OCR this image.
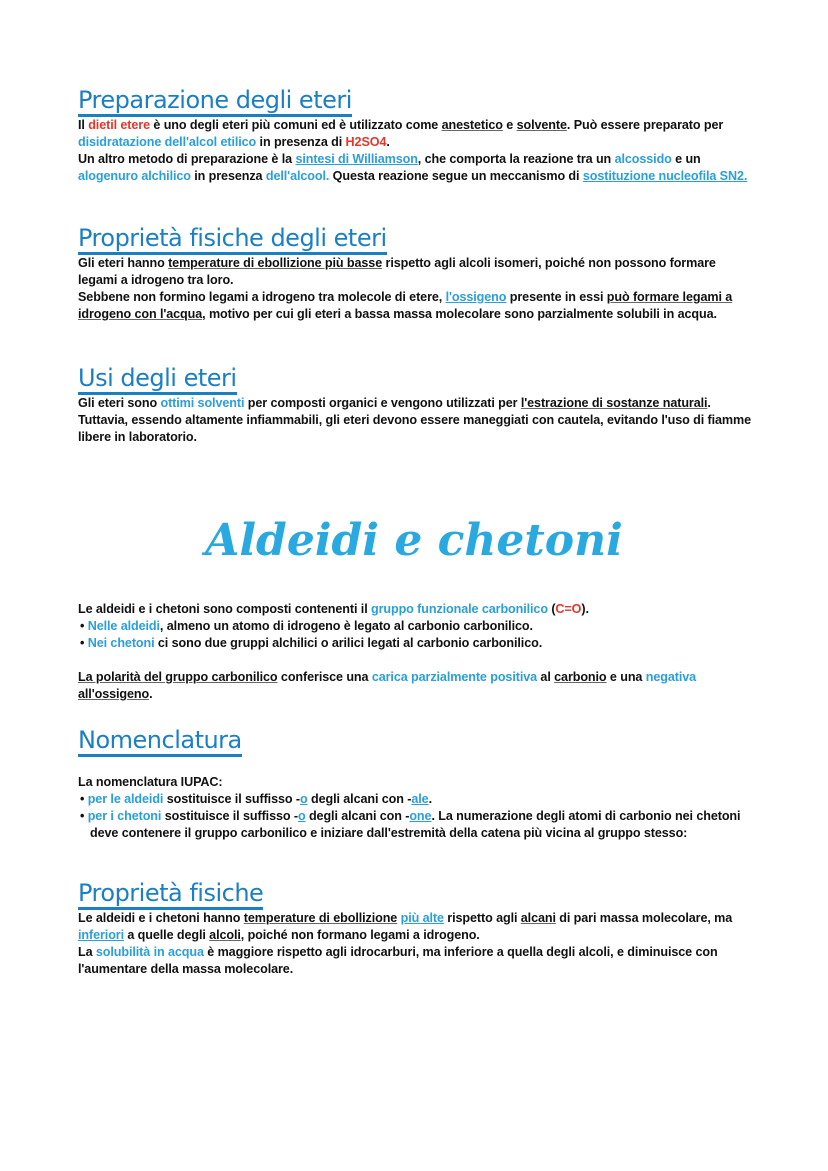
Preparazione degli eteri

Il dietil etere è uno degli eteri più comuni ed è utilizzato come anestetico e solvente. Può essere preparato per disidratazione dell'alcol etilico in presenza di H2SO4.

Un altro metodo di preparazione è la sintesi di Williamson, che comporta la reazione tra un alcossido e un alogenuro alchilico in presenza dell'alcool. Questa reazione segue un meccanismo di sostituzione nucleofila SN2.

Proprietà fisiche degli eteri

Gli eteri hanno temperature di ebollizione più basse rispetto agli alcoli isomeri, poiché non possono formare legami a idrogeno tra loro.

Sebbene non formino legami a idrogeno tra molecole di etere, l'ossigeno presente in essi può formare legami a idrogeno con l'acqua, motivo per cui gli eteri a bassa massa molecolare sono parzialmente solubili in acqua.

Usi degli eteri

Gli eteri sono ottimi solventi per composti organici e vengono utilizzati per l'estrazione di sostanze naturali. Tuttavia, essendo altamente infiammabili, gli eteri devono essere maneggiati con cautela, evitando l'uso di fiamme libere in laboratorio.

Aldeidi e chetoni

Le aldeidi e i chetoni sono composti contenenti il gruppo funzionale carbonilico (C=O).

• Nelle aldeidi, almeno un atomo di idrogeno è legato al carbonio carbonilico.

• Nei chetoni ci sono due gruppi alchilici o arilici legati al carbonio carbonilico.

La polarità del gruppo carbonilico conferisce una carica parzialmente positiva al carbonio e una negativa all'ossigeno.

Nomenclatura

La nomenclatura IUPAC:

• per le aldeidi sostituisce il suffisso -o degli alcani con -ale.

• per i chetoni sostituisce il suffisso -o degli alcani con -one. La numerazione degli atomi di carbonio nei chetoni deve contenere il gruppo carbonilico e iniziare dall'estremità della catena più vicina al gruppo stesso:

Proprietà fisiche

Le aldeidi e i chetoni hanno temperature di ebollizione più alte rispetto agli alcani di pari massa molecolare, ma inferiori a quelle degli alcoli, poiché non formano legami a idrogeno.

La solubilità in acqua è maggiore rispetto agli idrocarburi, ma inferiore a quella degli alcoli, e diminuisce con l'aumentare della massa molecolare.
